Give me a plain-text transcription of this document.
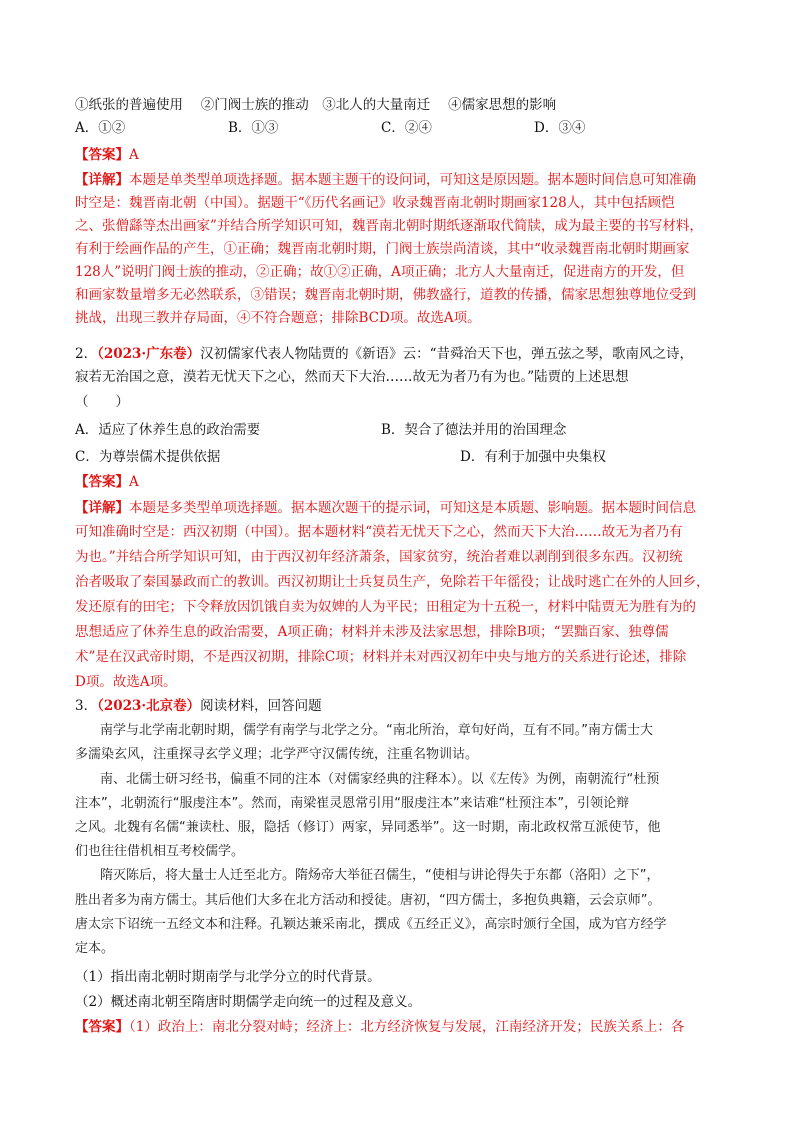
①纸张的普遍使用　 ②门阀士族的推动　③北人的大量南迁　 ④儒家思想的影响
A．①②	B．①③	C．②④	D．③④
【答案】A
【详解】本题是单类型单项选择题。据本题主题干的设问词，可知这是原因题。据本题时间信息可知准确
时空是：魏晋南北朝（中国）。据题干“《历代名画记》收录魏晋南北朝时期画家128人，其中包括顾恺
之、张僧繇等杰出画家”并结合所学知识可知，魏晋南北朝时期纸逐渐取代简牍，成为最主要的书写材料，
有利于绘画作品的产生，①正确；魏晋南北朝时期，门阀士族崇尚清谈，其中“收录魏晋南北朝时期画家
128人”说明门阀士族的推动，②正确；故①②正确，A项正确；北方人大量南迁，促进南方的开发，但
和画家数量增多无必然联系，③错误；魏晋南北朝时期，佛教盛行，道教的传播，儒家思想独尊地位受到
挑战，出现三教并存局面，④不符合题意；排除BCD项。故选A项。
2．（2023·广东卷）汉初儒家代表人物陆贾的《新语》云：“昔舜治天下也，弹五弦之琴，歌南风之诗，
寂若无治国之意，漠若无忧天下之心，然而天下大治……故无为者乃有为也。”陆贾的上述思想
（　　）
A．适应了休养生息的政治需要	B．契合了德法并用的治国理念
C．为尊崇儒术提供依据	D．有利于加强中央集权
【答案】A
【详解】本题是多类型单项选择题。据本题次题干的提示词，可知这是本质题、影响题。据本题时间信息
可知准确时空是：西汉初期（中国）。据本题材料“漠若无忧天下之心，然而天下大治……故无为者乃有
为也。”并结合所学知识可知，由于西汉初年经济萧条，国家贫穷，统治者难以剥削到很多东西。汉初统
治者吸取了秦国暴政而亡的教训。西汉初期让士兵复员生产，免除若干年徭役；让战时逃亡在外的人回乡，
发还原有的田宅；下令释放因饥饿自卖为奴婢的人为平民；田租定为十五税一，材料中陆贾无为胜有为的
思想适应了休养生息的政治需要，A项正确；材料并未涉及法家思想，排除B项；“罢黜百家、独尊儒
术”是在汉武帝时期，不是西汉初期，排除C项；材料并未对西汉初年中央与地方的关系进行论述，排除
D项。故选A项。
3．（2023·北京卷）阅读材料，回答问题
南学与北学南北朝时期，儒学有南学与北学之分。“南北所治，章句好尚，互有不同。”南方儒士大
多濡染玄风，注重探寻玄学义理；北学严守汉儒传统，注重名物训诂。
南、北儒士研习经书，偏重不同的注本（对儒家经典的注释本）。以《左传》为例，南朝流行“杜预
注本”，北朝流行“服虔注本”。然而，南梁崔灵恩常引用“服虔注本”来诘难“杜预注本”，引领论辩
之风。北魏有名儒“兼读杜、服，隐括（修订）两家，异同悉举”。这一时期，南北政权常互派使节，他
们也往往借机相互考校儒学。
隋灭陈后，将大量士人迁至北方。隋炀帝大举征召儒生，“使相与讲论得失于东都（洛阳）之下”，
胜出者多为南方儒士。其后他们大多在北方活动和授徒。唐初，“四方儒士，多抱负典籍，云会京师”。
唐太宗下诏统一五经文本和注释。孔颖达兼采南北，撰成《五经正义》，高宗时颁行全国，成为官方经学
定本。
（1）指出南北朝时期南学与北学分立的时代背景。
（2）概述南北朝至隋唐时期儒学走向统一的过程及意义。
【答案】（1）政治上：南北分裂对峙；经济上：北方经济恢复与发展，江南经济开发；民族关系上：各
